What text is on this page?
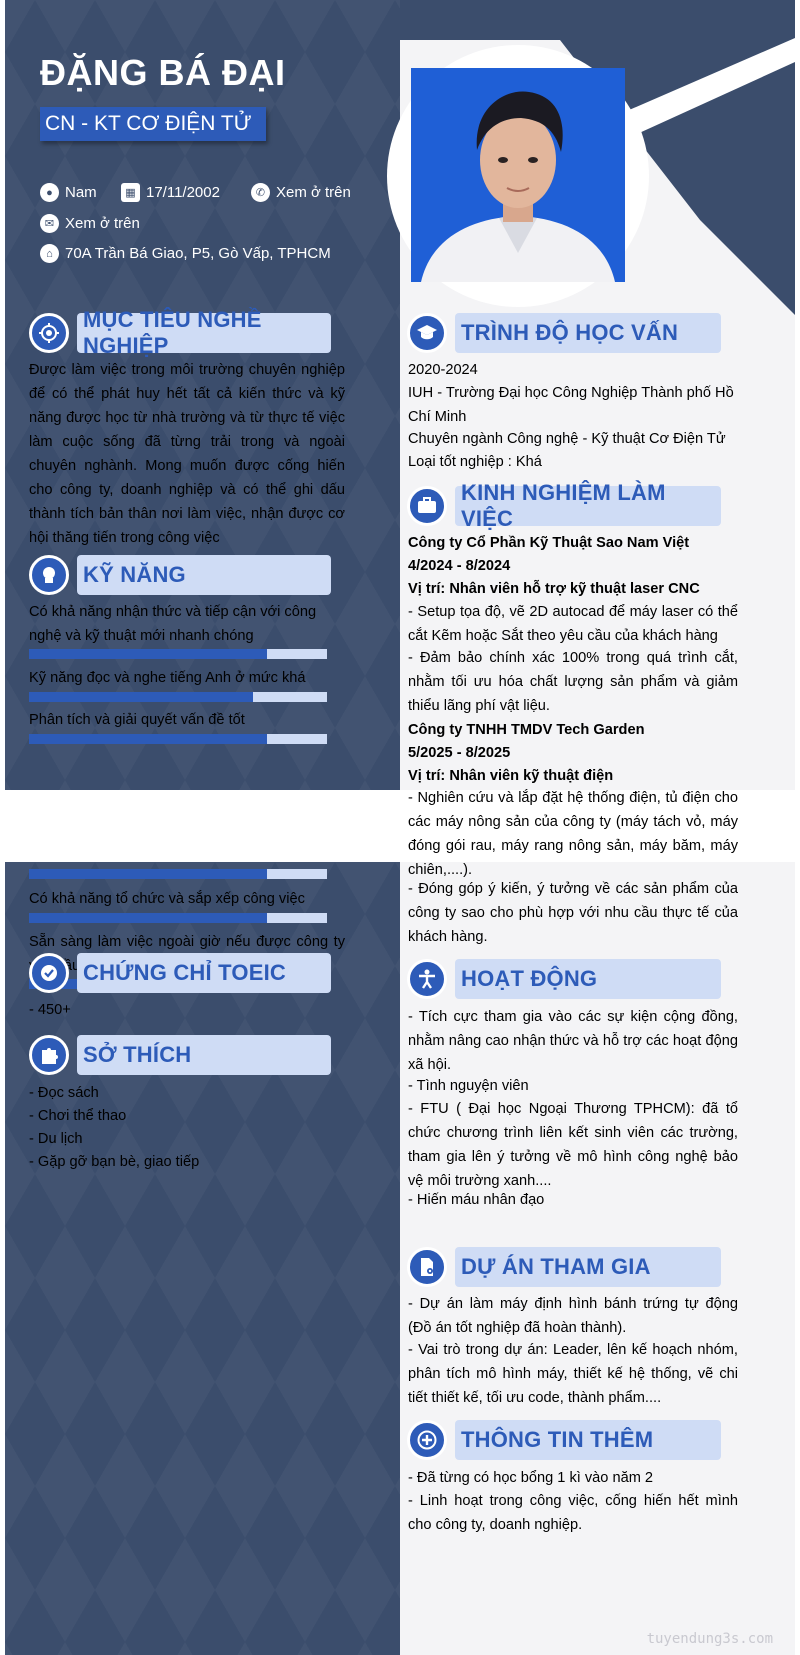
ĐẶNG BÁ ĐẠI
CN - KT CƠ ĐIỆN TỬ
● Nam	▦ 17/11/2002	✆ Xem ở trên
✉ Xem ở trên
⌂ 70A Trần Bá Giao, P5, Gò Vấp, TPHCM
MỤC TIÊU NGHỀ NGHIỆP
Được làm việc trong môi trường chuyên nghiệp để có thể phát huy hết tất cả kiến thức và kỹ năng được học từ nhà trường và từ thực tế việc làm cuộc sống đã từng trải trong và ngoài chuyên nghành. Mong muốn được cống hiến cho công ty, doanh nghiệp và có thể ghi dấu thành tích bản thân nơi làm việc, nhận được cơ hội thăng tiến trong công việc
KỸ NĂNG
Có khả năng nhận thức và tiếp cận với công nghệ và kỹ thuật mới nhanh chóng
Kỹ năng đọc và nghe tiếng Anh ở mức khá
Phân tích và giải quyết vấn đề tốt
TRÌNH ĐỘ HỌC VẤN
2020-2024
IUH - Trường Đại học Công Nghiệp Thành phố Hồ Chí Minh
Chuyên ngành Công nghệ - Kỹ thuật Cơ Điện Tử
Loại tốt nghiệp : Khá
KINH NGHIỆM LÀM VIỆC
Công ty Cổ Phần Kỹ Thuật Sao Nam Việt
4/2024 - 8/2024
Vị trí: Nhân viên hỗ trợ kỹ thuật laser CNC
- Setup tọa độ, vẽ 2D autocad để máy laser có thể cắt Kẽm hoặc Sắt theo yêu cầu của khách hàng
- Đảm bảo chính xác 100% trong quá trình cắt, nhằm tối ưu hóa chất lượng sản phẩm và giảm thiểu lãng phí vật liệu.
Công ty TNHH TMDV Tech Garden
5/2025 - 8/2025
Vị trí: Nhân viên kỹ thuật điện
- Nghiên cứu và lắp đặt hệ thống điện, tủ điện cho các máy nông sản của công ty (máy tách vỏ, máy đóng gói rau, máy rang nông sản, máy băm, máy chiên,....).
- Đóng góp ý kiến, ý tưởng về các sản phẩm của công ty sao cho phù hợp với nhu cầu thực tế của khách hàng.
Có khả năng tổ chức và sắp xếp công việc
Sẵn sàng làm việc ngoài giờ nếu được công ty cầu CHỨNG CHỈ TOEIC
- 450+
SỞ THÍCH
- Đọc sách
- Chơi thể thao
- Du lịch
- Gặp gỡ bạn bè, giao tiếp
HOẠT ĐỘNG
- Tích cực tham gia vào các sự kiện cộng đồng, nhằm nâng cao nhận thức và hỗ trợ các hoạt động xã hội.
- Tình nguyện viên
- FTU ( Đại học Ngoại Thương TPHCM): đã tổ chức chương trình liên kết sinh viên các trường, tham gia lên ý tưởng về mô hình công nghệ bảo vệ môi trường xanh....
- Hiến máu nhân đạo
DỰ ÁN THAM GIA
- Dự án làm máy định hình bánh trứng tự động (Đồ án tốt nghiệp đã hoàn thành).
- Vai trò trong dự án: Leader, lên kế hoạch nhóm, phân tích mô hình máy, thiết kế hệ thống, vẽ chi tiết thiết kế, tối ưu code, thành phẩm....
THÔNG TIN THÊM
- Đã từng có học bổng 1 kì vào năm 2
- Linh hoạt trong công việc, cống hiến hết mình cho công ty, doanh nghiệp.
tuyendung3s.com
